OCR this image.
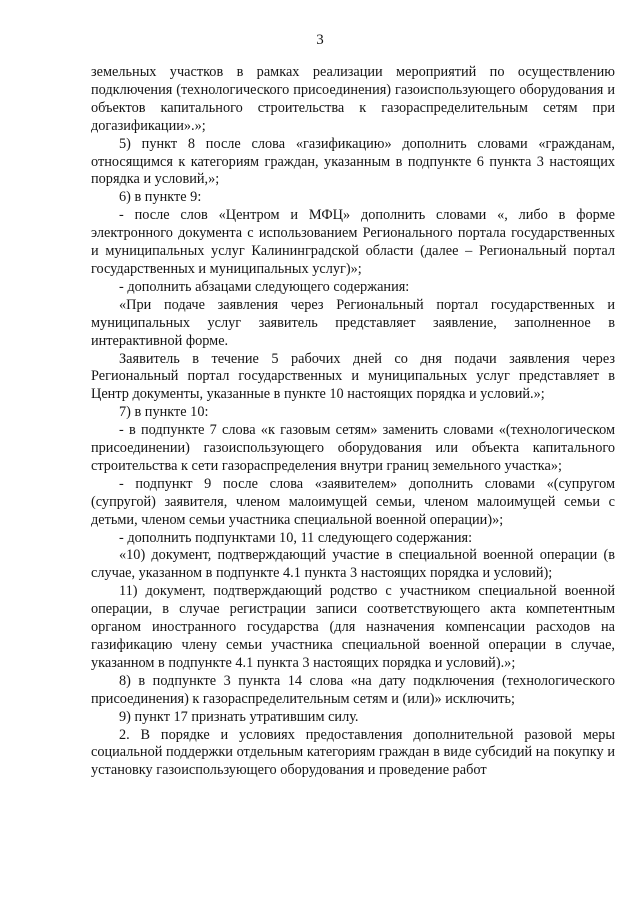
3

земельных участков в рамках реализации мероприятий по осуществлению подключения (технологического присоединения) газоиспользующего оборудования и объектов капитального строительства к газораспределительным сетям при догазификации».»;

5) пункт 8 после слова «газификацию» дополнить словами «гражданам, относящимся к категориям граждан, указанным в подпункте 6 пункта 3 настоящих порядка и условий,»;

6) в пункте 9:

- после слов «Центром и МФЦ» дополнить словами «, либо в форме электронного документа с использованием Регионального портала государственных и муниципальных услуг Калининградской области (далее – Региональный портал государственных и муниципальных услуг)»;

- дополнить абзацами следующего содержания:

«При подаче заявления через Региональный портал государственных и муниципальных услуг заявитель представляет заявление, заполненное в интерактивной форме.

Заявитель в течение 5 рабочих дней со дня подачи заявления через Региональный портал государственных и муниципальных услуг представляет в Центр документы, указанные в пункте 10 настоящих порядка и условий.»;

7) в пункте 10:

- в подпункте 7 слова «к газовым сетям» заменить словами «(технологическом присоединении) газоиспользующего оборудования или объекта капитального строительства к сети газораспределения внутри границ земельного участка»;

- подпункт 9 после слова «заявителем» дополнить словами «(супругом (супругой) заявителя, членом малоимущей семьи, членом малоимущей семьи с детьми, членом семьи участника специальной военной операции)»;

- дополнить подпунктами 10, 11 следующего содержания:

«10) документ, подтверждающий участие в специальной военной операции (в случае, указанном в подпункте 4.1 пункта 3 настоящих порядка и условий);

11) документ, подтверждающий родство с участником специальной военной операции, в случае регистрации записи соответствующего акта компетентным органом иностранного государства (для назначения компенсации расходов на газификацию члену семьи участника специальной военной операции в случае, указанном в подпункте 4.1 пункта 3 настоящих порядка и условий).»;

8) в подпункте 3 пункта 14 слова «на дату подключения (технологического присоединения) к газораспределительным сетям и (или)» исключить;

9) пункт 17 признать утратившим силу.

2. В порядке и условиях предоставления дополнительной разовой меры социальной поддержки отдельным категориям граждан в виде субсидий на покупку и установку газоиспользующего оборудования и проведение работ
